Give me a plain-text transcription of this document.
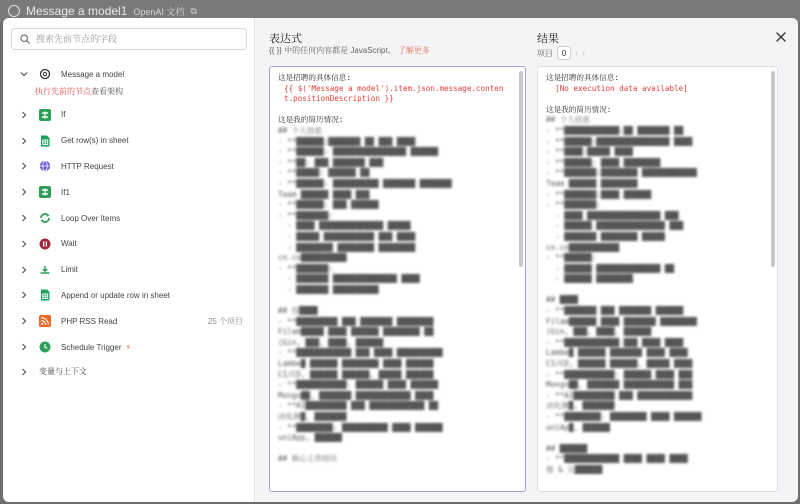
Message a model1 OpenAI 文档 ⧉
搜索先前节点的字段
Message a model
执行先前的节点 查看架构
If
Get row(s) in sheet
HTTP Request
If1
Loop Over Items
Wait
Limit
Append or update row in sheet
PHP RSS Read	25 个项目
Schedule Trigger ⚡
变量与上下文
表达式
{{ }} 中的任何内容都是 JavaScript。 了解更多
这是招聘的具体信息:

{{ $('Message a model').item.json.message.content.positionDescription }}

这是我的简历情况:
## 个人信息
- **██████:███████ ██ ███ ████
- **██████: ████████████████ ██████
- **██: ███ ███████ ███
- **█████: ██████ ██
- **██████: ██████████ ███████ ███████
Team ██████ ████ ███
- **██████: ███ ██████
- **███████:
- ████ ██████████████ █████
- █████ ███████████ ███ ████
- ████████ ████████ ████████
cn.co██████████
- **███████:
- ███████ ██████████████ ████
- ███████ ██████████

## 技████
- **█████████ ███ ███████ ████████
Filam█████ ████ ██████ ████████ ██
(Gin, ███, ████, ██████
- **████████████ ███ ████ ██████████
Lambe█ ██████ ████████ ████ ██████
CI/CD, ██████ ██████, █████ ██████
- **███████████: ██████ ████ ██████
Mongo██, ███████ ████████████ ████
- **AI█████████ ███ ████████████ ██
动化测█, ███████
- **████████: ██████████ ████ ██████
uniApp, ██████

## 核心工作经历
结果
项目	0 ‹ ›
这是招聘的具体信息:
[No execution data available]

这是我的简历情况:
## 个人信息
- **████████████:██ ███████ ██
- **██████:████████████████ ████
- **████:█████ ████
- **██████: ████ ████████
- **███████:████████ ████████████
Team ██████ ████████
- **███████:████ ██████
- **███████:
- ████ ████████████████ ███
- ██████ ███████████████ ███
- ███████ ████████ █████
cn.co███████████
- **██████:
- ██████ ██████████████ ██
- ██████ ████████

## ████
- **███████ ███ ███████ ██████
Filam██████ ████ ███████ ████████
(Gin, ███, ████, ██████
- **████████████ ███ ████ ████
Lambe█ ██████ ███████ ████ ████
CI/CD, ██████ ██████, █████ ████
- **███████████: ██████ ████ ███
Mongo██, ███████ ███████████ ███
- **AI█████████ ███ ████████████
动化测█, ███████
- **████████: ████████ ████ ██████
uniAp█, ██████

## ██████
- **████████████ ████ ████ ████
值 & 元██████
